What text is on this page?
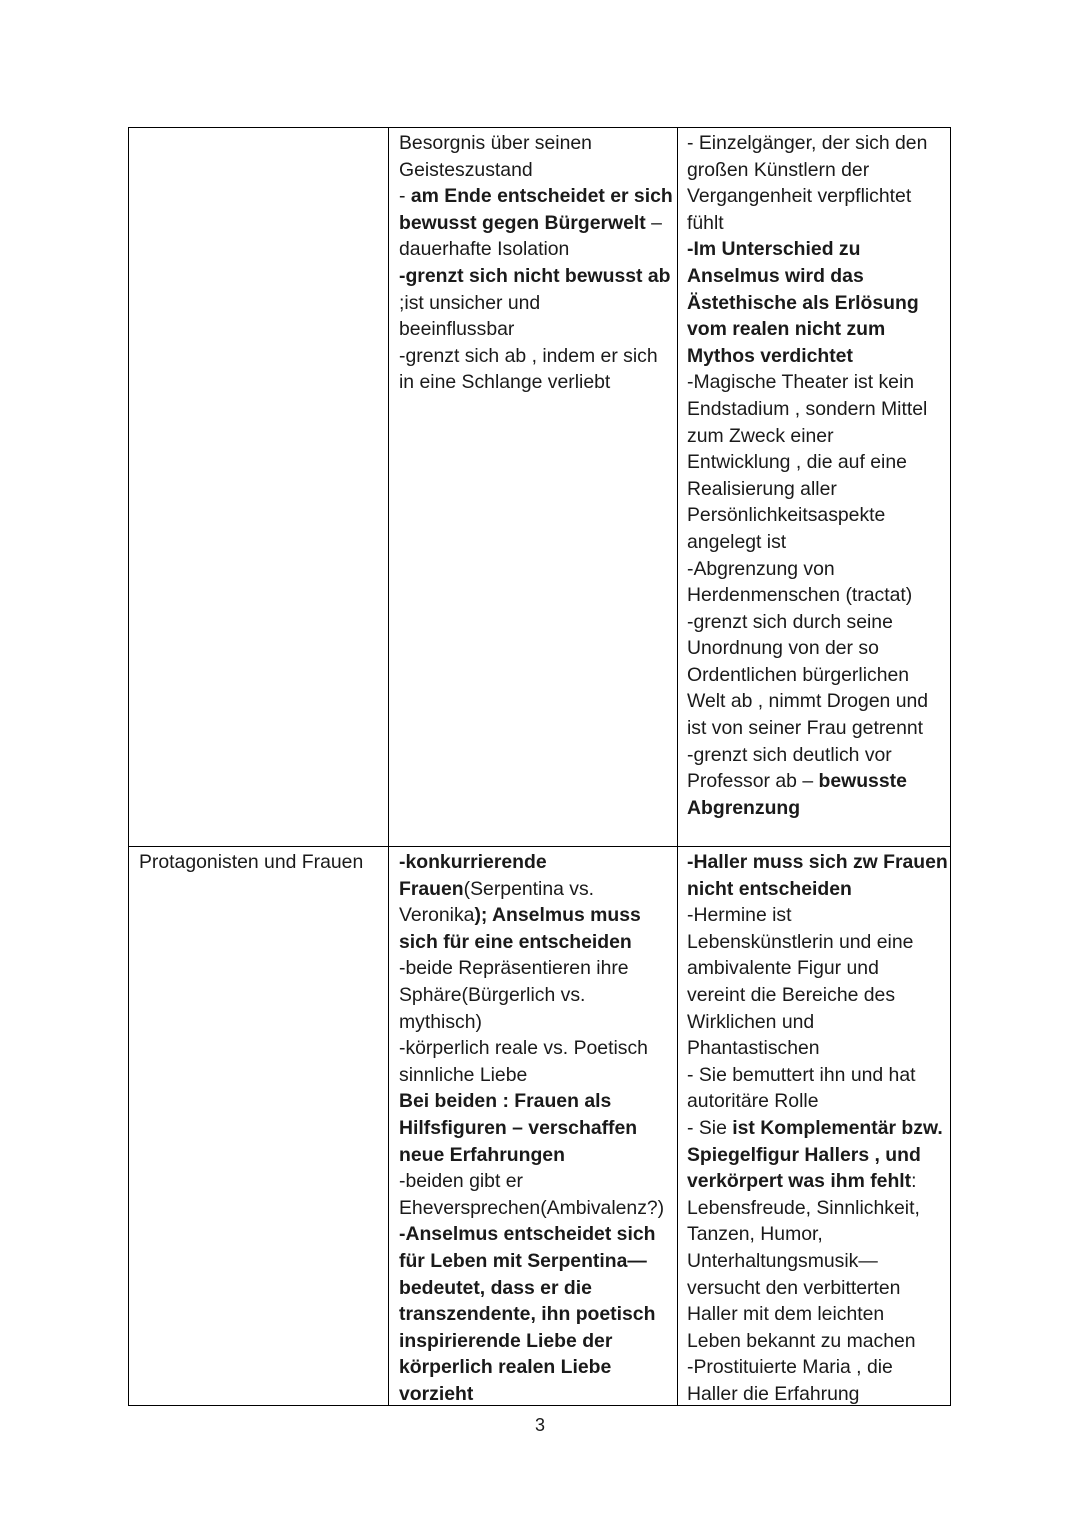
Besorgnis über seinen
Geisteszustand
- am Ende entscheidet er sich
bewusst gegen Bürgerwelt –
dauerhafte Isolation
-grenzt sich nicht bewusst ab
;ist unsicher und
beeinflussbar
-grenzt sich ab , indem er sich
in eine Schlange verliebt
- Einzelgänger, der sich den
großen Künstlern der
Vergangenheit verpflichtet
fühlt
-Im Unterschied zu
Anselmus wird das
Ästethische als Erlösung
vom realen nicht zum
Mythos verdichtet
-Magische Theater ist kein
Endstadium , sondern Mittel
zum Zweck einer
Entwicklung , die auf eine
Realisierung aller
Persönlichkeitsaspekte
angelegt ist
-Abgrenzung von
Herdenmenschen (tractat)
-grenzt sich durch seine
Unordnung von der so
Ordentlichen bürgerlichen
Welt ab , nimmt Drogen und
ist von seiner Frau getrennt
-grenzt sich deutlich vor
Professor ab – bewusste
Abgrenzung
Protagonisten und Frauen -konkurrierende
Frauen(Serpentina vs.
Veronika); Anselmus muss
sich für eine entscheiden
-beide Repräsentieren ihre
Sphäre(Bürgerlich vs.
mythisch)
-körperlich reale vs. Poetisch
sinnliche Liebe
Bei beiden : Frauen als
Hilfsfiguren – verschaffen
neue Erfahrungen
-beiden gibt er
Eheversprechen(Ambivalenz?)
-Anselmus entscheidet sich
für Leben mit Serpentina—
bedeutet, dass er die
transzendente, ihn poetisch
inspirierende Liebe der
körperlich realen Liebe
vorzieht
-Haller muss sich zw Frauen
nicht entscheiden
-Hermine ist
Lebenskünstlerin und eine
ambivalente Figur und
vereint die Bereiche des
Wirklichen und
Phantastischen
- Sie bemuttert ihn und hat
autoritäre Rolle
- Sie ist Komplementär bzw.
Spiegelfigur Hallers , und
verkörpert was ihm fehlt:
Lebensfreude, Sinnlichkeit,
Tanzen, Humor,
Unterhaltungsmusik—
versucht den verbitterten
Haller mit dem leichten
Leben bekannt zu machen
-Prostituierte Maria , die
Haller die Erfahrung
3
